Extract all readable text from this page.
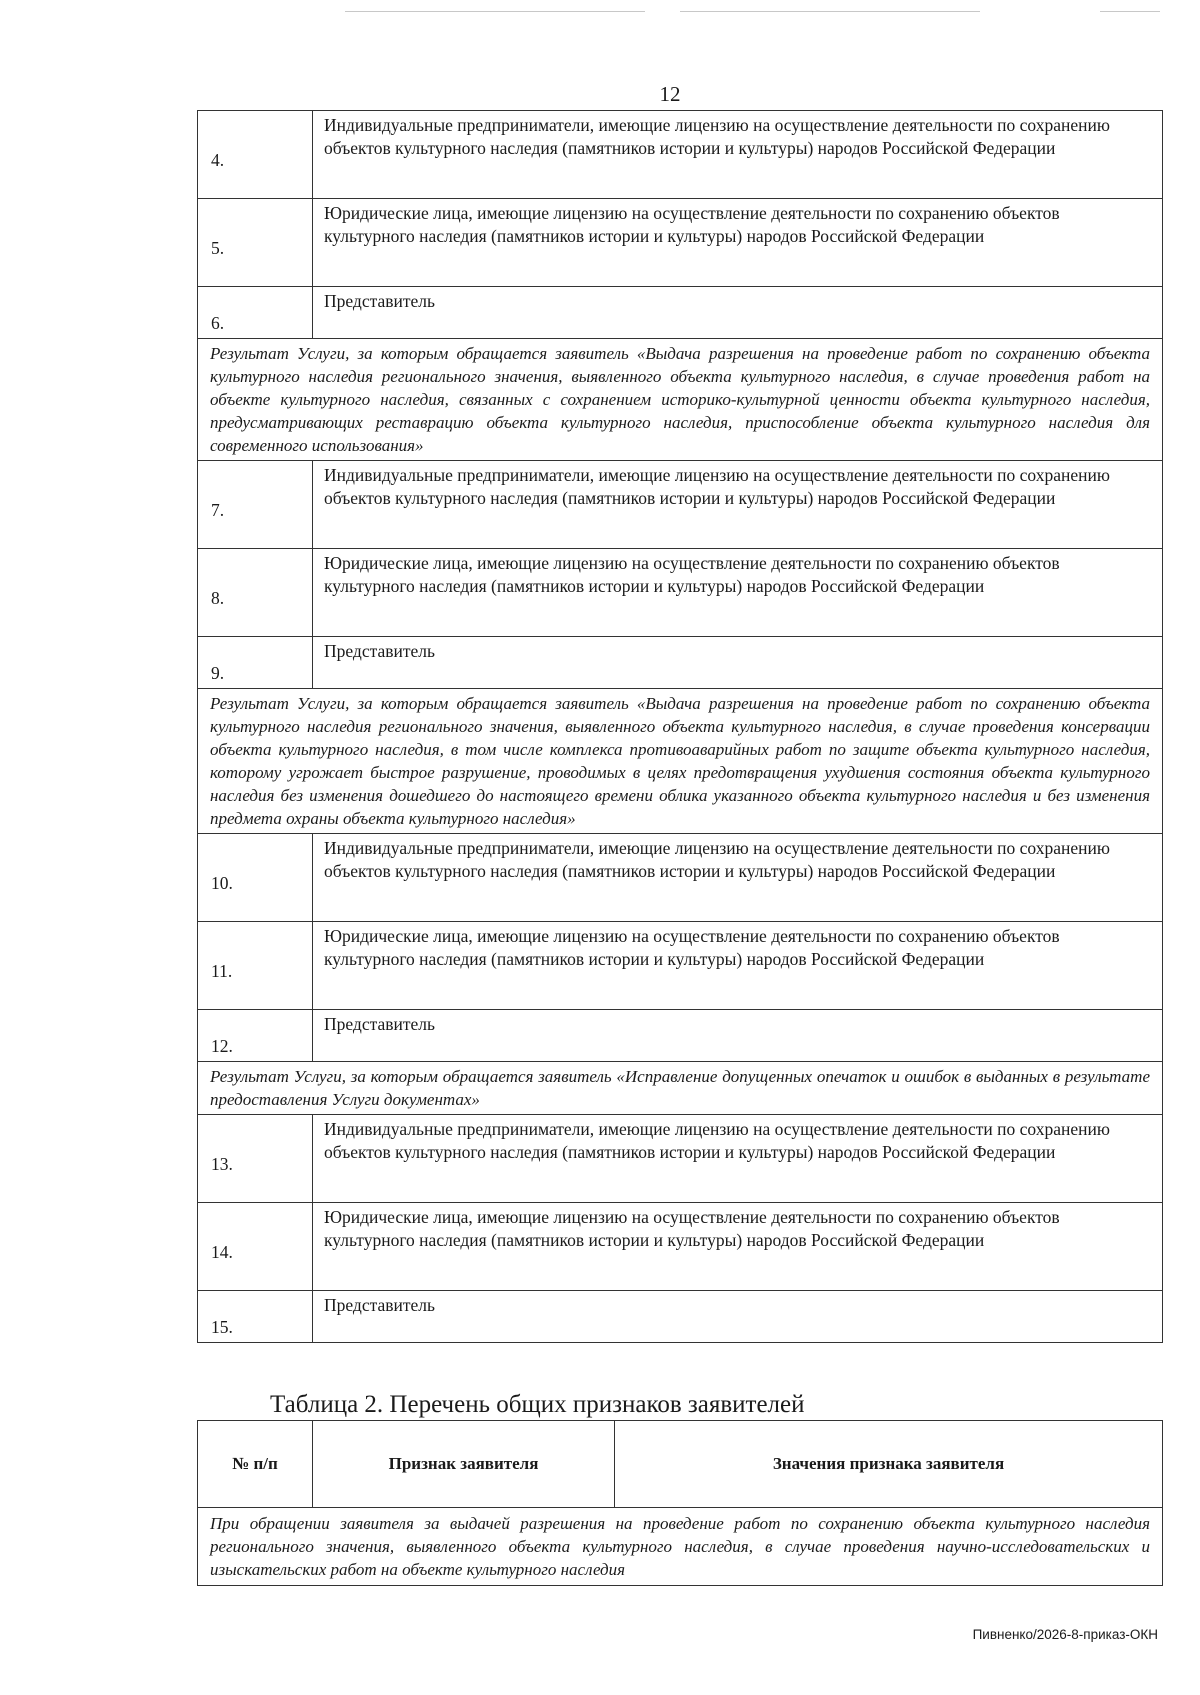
12
4.	Индивидуальные предприниматели, имеющие лицензию на осуществление деятельности по сохранению объектов культурного наследия (памятников истории и культуры) народов Российской Федерации
5.	Юридические лица, имеющие лицензию на осуществление деятельности по сохранению объектов культурного наследия (памятников истории и культуры) народов Российской Федерации
6.	Представитель
Результат Услуги, за которым обращается заявитель «Выдача разрешения на проведение работ по сохранению объекта культурного наследия регионального значения, выявленного объекта культурного наследия, в случае проведения работ на объекте культурного наследия, связанных с сохранением историко-культурной ценности объекта культурного наследия, предусматривающих реставрацию объекта культурного наследия, приспособление объекта культурного наследия для современного использования»	
7.	Индивидуальные предприниматели, имеющие лицензию на осуществление деятельности по сохранению объектов культурного наследия (памятников истории и культуры) народов Российской Федерации
8.	Юридические лица, имеющие лицензию на осуществление деятельности по сохранению объектов культурного наследия (памятников истории и культуры) народов Российской Федерации
9.	Представитель
Результат Услуги, за которым обращается заявитель «Выдача разрешения на проведение работ по сохранению объекта культурного наследия регионального значения, выявленного объекта культурного наследия, в случае проведения консервации объекта культурного наследия, в том числе комплекса противоаварийных работ по защите объекта культурного наследия, которому угрожает быстрое разрушение, проводимых в целях предотвращения ухудшения состояния объекта культурного наследия без изменения дошедшего до настоящего времени облика указанного объекта культурного наследия и без изменения предмета охраны объекта культурного наследия»	
10.	Индивидуальные предприниматели, имеющие лицензию на осуществление деятельности по сохранению объектов культурного наследия (памятников истории и культуры) народов Российской Федерации
11.	Юридические лица, имеющие лицензию на осуществление деятельности по сохранению объектов культурного наследия (памятников истории и культуры) народов Российской Федерации
12.	Представитель
Результат Услуги, за которым обращается заявитель «Исправление допущенных опечаток и ошибок в выданных в результате предоставления Услуги документах»	
13.	Индивидуальные предприниматели, имеющие лицензию на осуществление деятельности по сохранению объектов культурного наследия (памятников истории и культуры) народов Российской Федерации
14.	Юридические лица, имеющие лицензию на осуществление деятельности по сохранению объектов культурного наследия (памятников истории и культуры) народов Российской Федерации
15.	Представитель
Таблица 2. Перечень общих признаков заявителей
№ п/п	Признак заявителя	Значения признака заявителя
При обращении заявителя за выдачей разрешения на проведение работ по сохранению объекта культурного наследия регионального значения, выявленного объекта культурного наследия, в случае проведения научно-исследовательских и изыскательских работ на объекте культурного наследия
Пивненко/2026-8-приказ-ОКН
